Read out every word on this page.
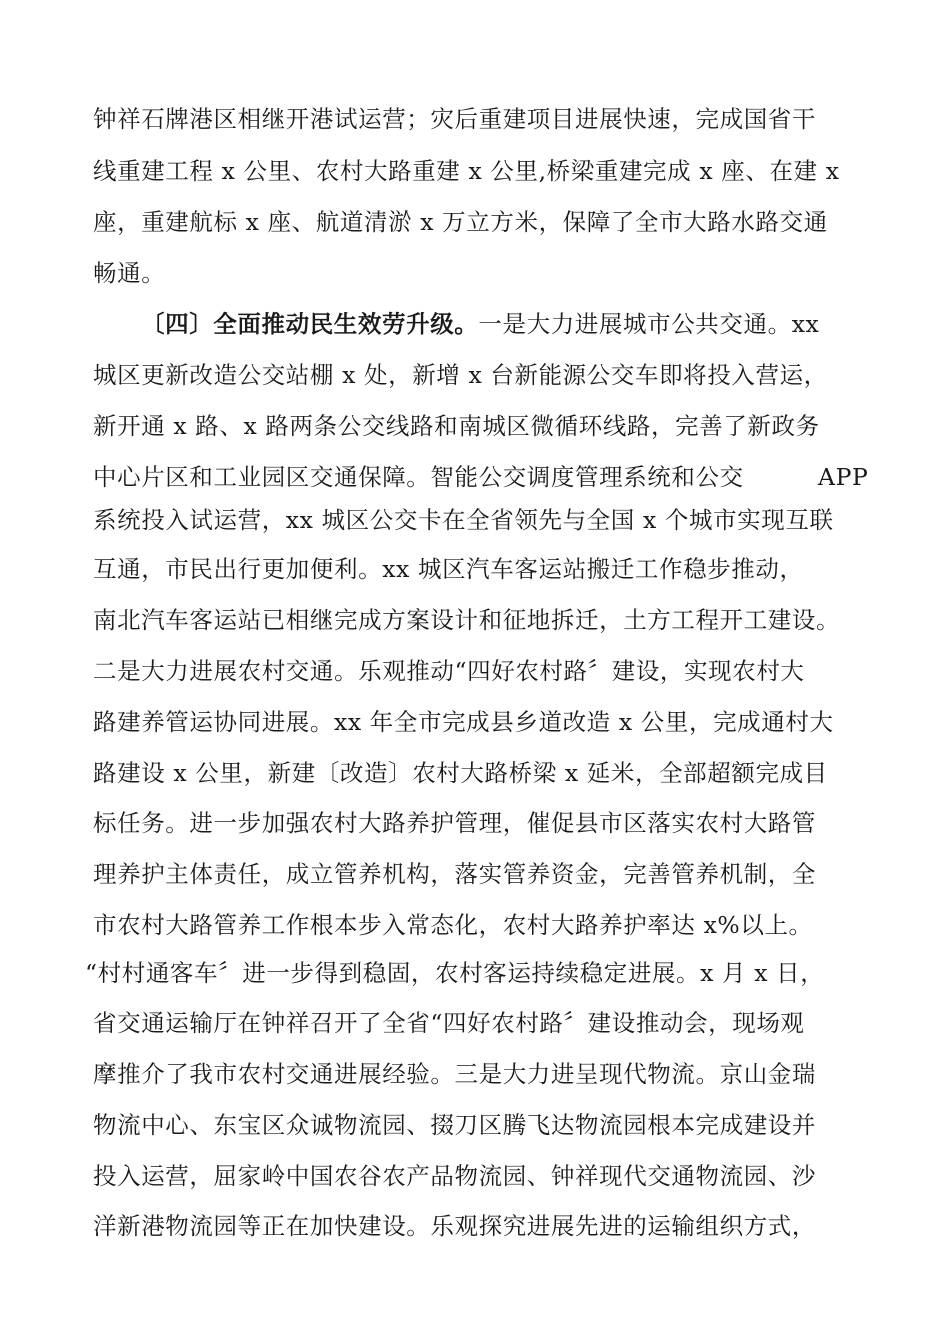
钟祥石牌港区相继开港试运营；灾后重建项目进展快速，完成国省干
线重建工程 x 公里、农村大路重建 x 公里,桥梁重建完成 x 座、在建 x
座，重建航标 x 座、航道清淤 x 万立方米，保障了全市大路水路交通
畅通。
〔四〕全面推动民生效劳升级。一是大力进展城市公共交通。xx
城区更新改造公交站棚 x 处，新增 x 台新能源公交车即将投入营运，
新开通 x 路、x 路两条公交线路和南城区微循环线路，完善了新政务
中心片区和工业园区交通保障。智能公交调度管理系统和公交	APP
系统投入试运营，xx 城区公交卡在全省领先与全国 x 个城市实现互联
互通，市民出行更加便利。xx 城区汽车客运站搬迁工作稳步推动，
南北汽车客运站已相继完成方案设计和征地拆迁，土方工程开工建设。
二是大力进展农村交通。乐观推动“四好农村路〞建设，实现农村大
路建养管运协同进展。xx 年全市完成县乡道改造 x 公里，完成通村大
路建设 x 公里，新建〔改造〕农村大路桥梁 x 延米，全部超额完成目
标任务。进一步加强农村大路养护管理，催促县市区落实农村大路管
理养护主体责任，成立管养机构，落实管养资金，完善管养机制，全
市农村大路管养工作根本步入常态化，农村大路养护率达 x%以上。
“村村通客车〞进一步得到稳固，农村客运持续稳定进展。x 月 x 日，
省交通运输厅在钟祥召开了全省“四好农村路〞建设推动会，现场观
摩推介了我市农村交通进展经验。三是大力进呈现代物流。京山金瑞
物流中心、东宝区众诚物流园、掇刀区腾飞达物流园根本完成建设并
投入运营，屈家岭中国农谷农产品物流园、钟祥现代交通物流园、沙
洋新港物流园等正在加快建设。乐观探究进展先进的运输组织方式，
